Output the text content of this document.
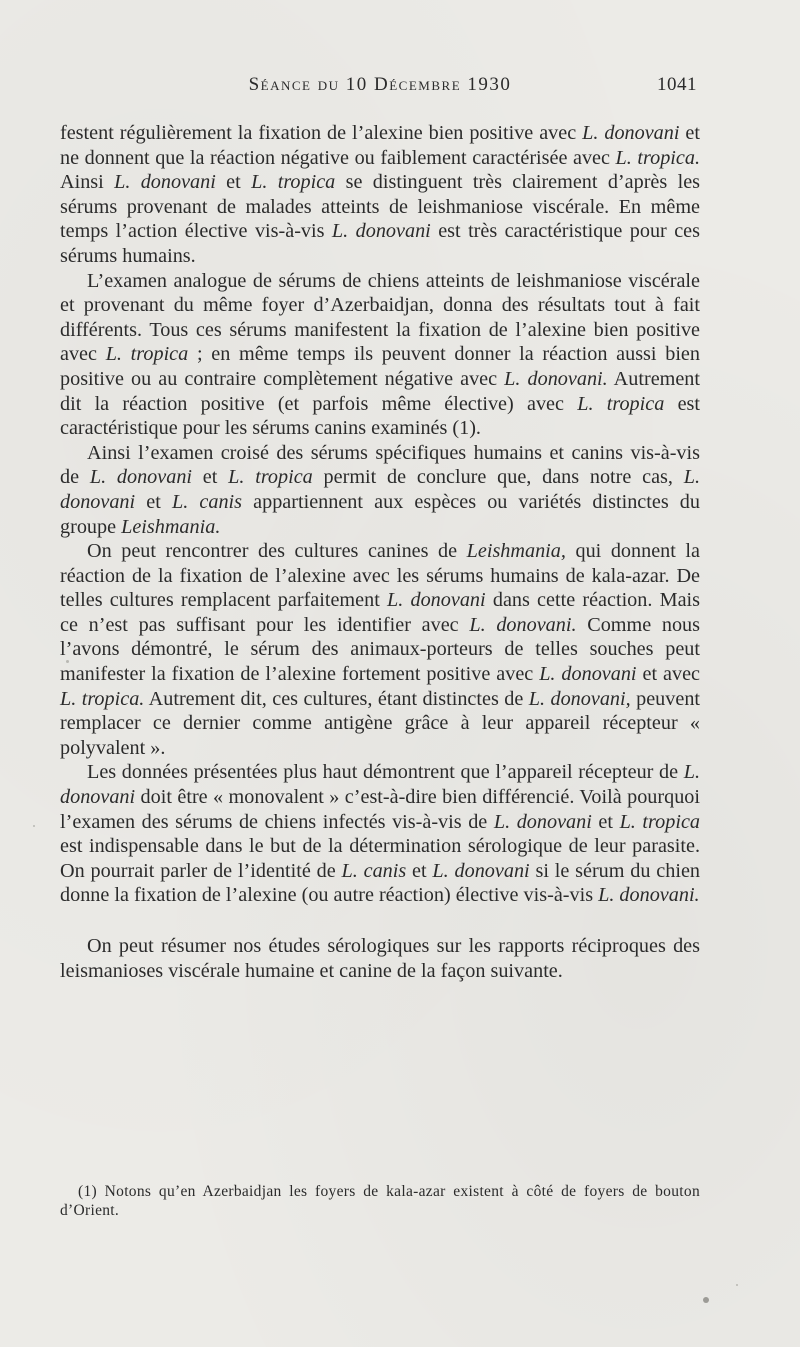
Séance du 10 Décembre 1930	1041

festent régulièrement la fixation de l’alexine bien positive avec L. donovani et ne donnent que la réaction négative ou faiblement caractérisée avec L. tropica. Ainsi L. donovani et L. tropica se distinguent très clairement d’après les sérums provenant de malades atteints de leishmaniose viscérale. En même temps l’action élective vis-à-vis L. donovani est très caractéristique pour ces sérums humains.

L’examen analogue de sérums de chiens atteints de leishmaniose viscérale et provenant du même foyer d’Azerbaidjan, donna des résultats tout à fait différents. Tous ces sérums manifestent la fixation de l’alexine bien positive avec L. tropica ; en même temps ils peuvent donner la réaction aussi bien positive ou au contraire complètement négative avec L. donovani. Autrement dit la réaction positive (et parfois même élective) avec L. tropica est caractéristique pour les sérums canins examinés (1).

Ainsi l’examen croisé des sérums spécifiques humains et canins vis-à-vis de L. donovani et L. tropica permit de conclure que, dans notre cas, L. donovani et L. canis appartiennent aux espèces ou variétés distinctes du groupe Leishmania.

On peut rencontrer des cultures canines de Leishmania, qui donnent la réaction de la fixation de l’alexine avec les sérums humains de kala-azar. De telles cultures remplacent parfaitement L. donovani dans cette réaction. Mais ce n’est pas suffisant pour les identifier avec L. donovani. Comme nous l’avons démontré, le sérum des animaux-porteurs de telles souches peut manifester la fixation de l’alexine fortement positive avec L. donovani et avec L. tropica. Autrement dit, ces cultures, étant distinctes de L. donovani, peuvent remplacer ce dernier comme antigène grâce à leur appareil récepteur « polyvalent ».

Les données présentées plus haut démontrent que l’appareil récepteur de L. donovani doit être « monovalent » c’est-à-dire bien différencié. Voilà pourquoi l’examen des sérums de chiens infectés vis-à-vis de L. donovani et L. tropica est indispensable dans le but de la détermination sérologique de leur parasite. On pourrait parler de l’identité de L. canis et L. donovani si le sérum du chien donne la fixation de l’alexine (ou autre réaction) élective vis-à-vis L. donovani.

On peut résumer nos études sérologiques sur les rapports réciproques des leismanioses viscérale humaine et canine de la façon suivante.

(1) Notons qu’en Azerbaidjan les foyers de kala-azar existent à côté de foyers de bouton d’Orient.
